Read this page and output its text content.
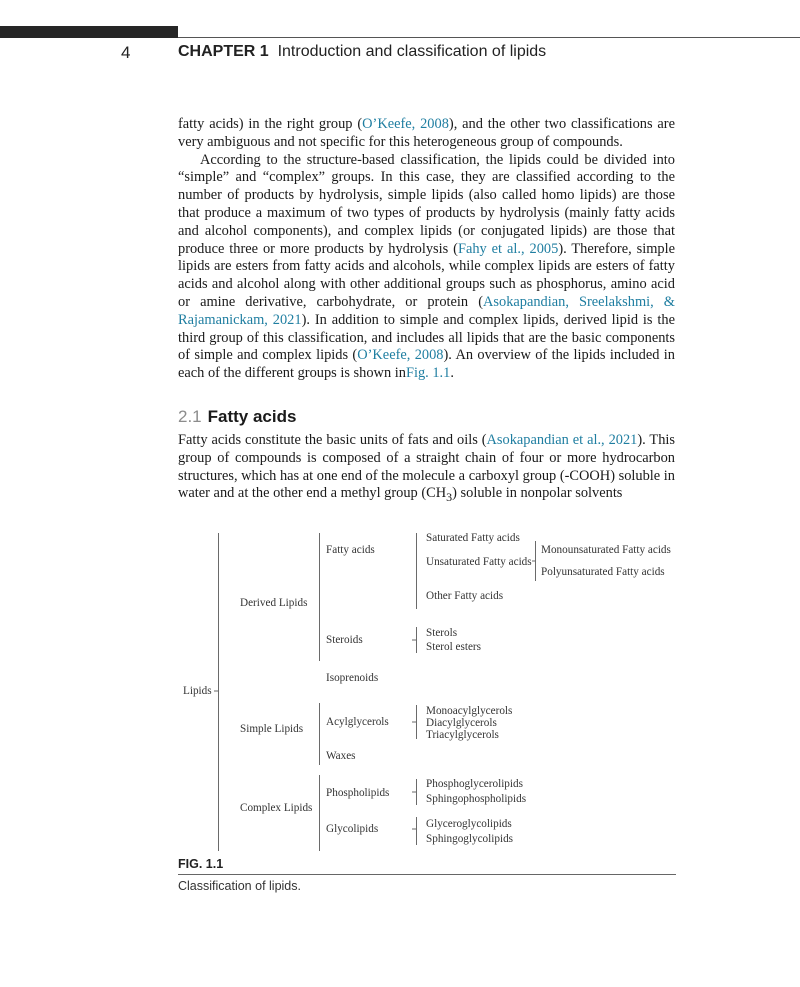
4	CHAPTER 1 Introduction and classification of lipids

fatty acids) in the right group (O’Keefe, 2008), and the other two classifications are very ambiguous and not specific for this heterogeneous group of compounds.

According to the structure-based classification, the lipids could be divided into “simple” and “complex” groups. In this case, they are classified according to the number of products by hydrolysis, simple lipids (also called homo lipids) are those that produce a maximum of two types of products by hydrolysis (mainly fatty acids and alcohol components), and complex lipids (or conjugated lipids) are those that produce three or more products by hydrolysis (Fahy et al., 2005). Therefore, simple lipids are esters from fatty acids and alcohols, while complex lipids are esters of fatty acids and alcohol along with other additional groups such as phosphorus, amino acid or amine derivative, carbohydrate, or protein (Asokapandian, Sreelakshmi, & Rajamanickam, 2021). In addition to simple and complex lipids, derived lipid is the third group of this classification, and includes all lipids that are the basic components of simple and complex lipids (O’Keefe, 2008). An overview of the lipids included in each of the different groups is shown inFig. 1.1.

2.1 Fatty acids

Fatty acids constitute the basic units of fats and oils (Asokapandian et al., 2021). This group of compounds is composed of a straight chain of four or more hydrocarbon structures, which has at one end of the molecule a carboxyl group (-COOH) soluble in water and at the other end a methyl group $(CH_3)$ soluble in nonpolar solvents

Lipids
Derived Lipids
Simple Lipids
Complex Lipids
Fatty acids
Steroids
Isoprenoids
Acylglycerols
Waxes
Phospholipids
Glycolipids
Saturated Fatty acids
Unsaturated Fatty acids
Other Fatty acids
Sterols
Sterol esters
Monoacylglycerols
Diacylglycerols
Triacylglycerols
Phosphoglycerolipids
Sphingophospholipids
Glyceroglycolipids
Sphingoglycolipids
Monounsaturated Fatty acids
Polyunsaturated Fatty acids
FIG. 1.1
Classification of lipids.
